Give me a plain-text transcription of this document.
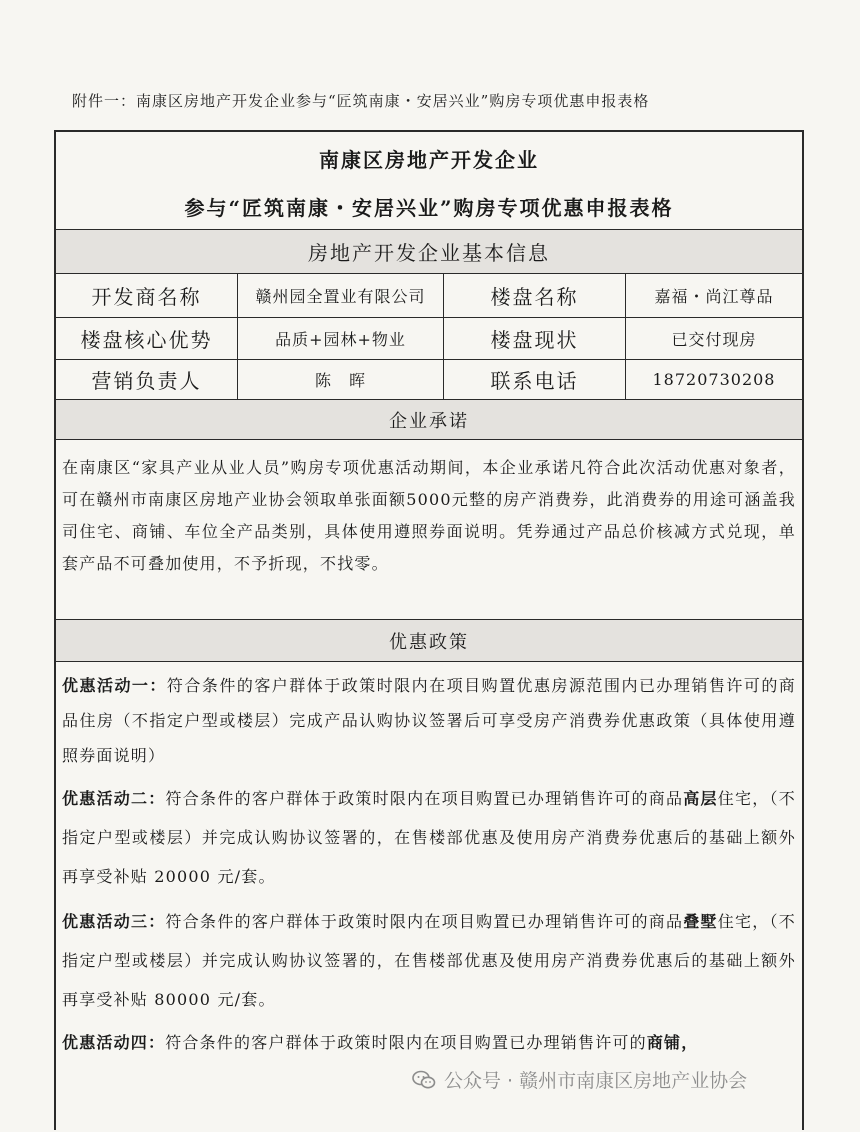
附件一：南康区房地产开发企业参与“匠筑南康・安居兴业”购房专项优惠申报表格
南康区房地产开发企业
参与“匠筑南康・安居兴业”购房专项优惠申报表格
房地产开发企业基本信息
开发商名称	赣州园全置业有限公司	楼盘名称	嘉福・尚江尊品
楼盘核心优势	品质+园林+物业	楼盘现状	已交付现房
营销负责人	陈　晖	联系电话	18720730208
企业承诺
在南康区“家具产业从业人员”购房专项优惠活动期间，本企业承诺凡符合此次活动优惠对象者，可在赣州市南康区房地产业协会领取单张面额5000元整的房产消费券，此消费券的用途可涵盖我司住宅、商铺、车位全产品类别，具体使用遵照券面说明。凭券通过产品总价核减方式兑现，单套产品不可叠加使用，不予折现，不找零。
优惠政策

优惠活动一：符合条件的客户群体于政策时限内在项目购置优惠房源范围内已办理销售许可的商品住房（不指定户型或楼层）完成产品认购协议签署后可享受房产消费券优惠政策（具体使用遵照券面说明）

优惠活动二：符合条件的客户群体于政策时限内在项目购置已办理销售许可的商品高层住宅，（不指定户型或楼层）并完成认购协议签署的，在售楼部优惠及使用房产消费券优惠后的基础上额外再享受补贴 20000 元/套。

优惠活动三：符合条件的客户群体于政策时限内在项目购置已办理销售许可的商品叠墅住宅，（不指定户型或楼层）并完成认购协议签署的，在售楼部优惠及使用房产消费券优惠后的基础上额外再享受补贴 80000 元/套。

优惠活动四：符合条件的客户群体于政策时限内在项目购置已办理销售许可的商铺，

公众号 · 赣州市南康区房地产业协会
